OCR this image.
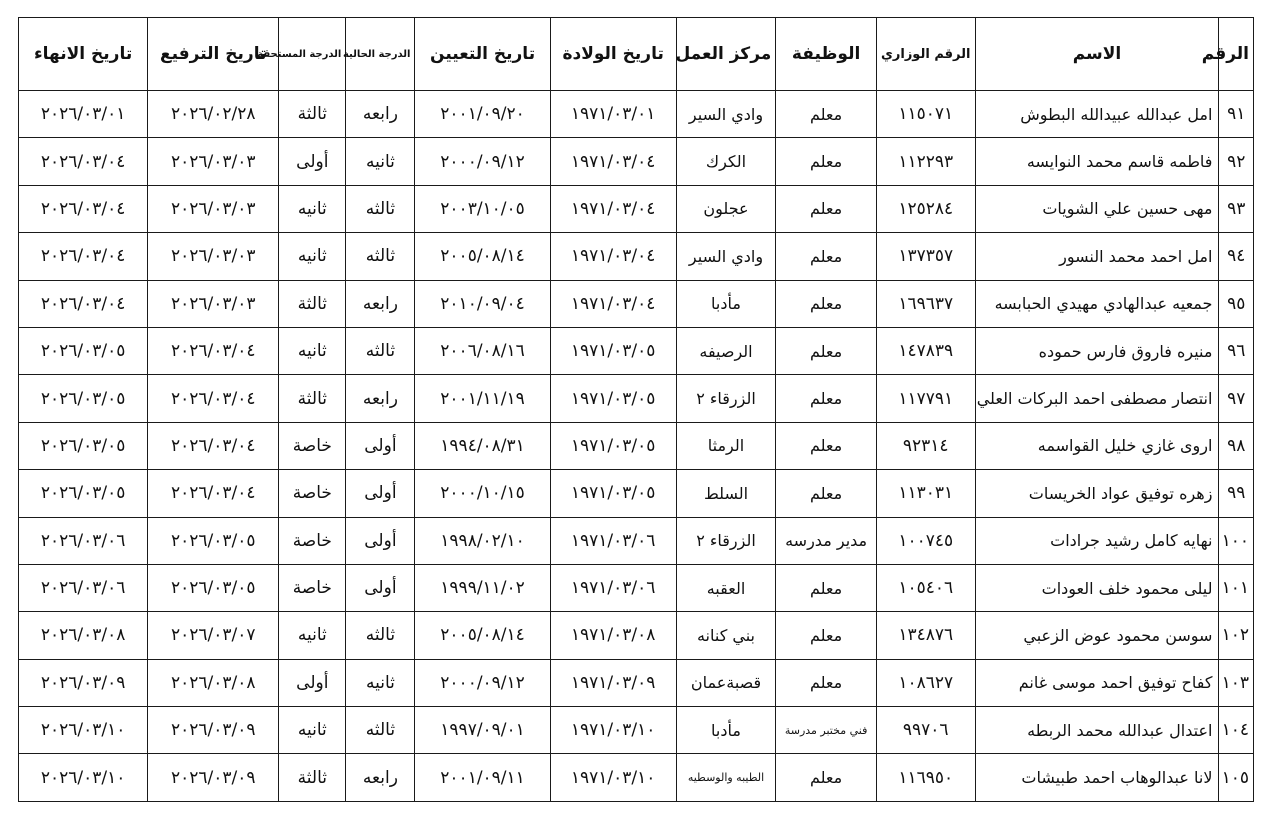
الرقم	الاسم	الرقم الوزاري	الوظيفة	مركز العمل	تاريخ الولادة	تاريخ التعيين	الدرجة الحالية	الدرجة المستحقة	تاريخ الترفيع	تاريخ الانهاء
٩١	امل عبدالله عبيدالله البطوش	١١٥٠٧١	معلم	وادي السير	١٩٧١/٠٣/٠١	٢٠٠١/٠٩/٢٠	رابعه	ثالثة	٢٠٢٦/٠٢/٢٨	٢٠٢٦/٠٣/٠١
٩٢	فاطمه قاسم محمد النوايسه	١١٢٢٩٣	معلم	الكرك	١٩٧١/٠٣/٠٤	٢٠٠٠/٠٩/١٢	ثانيه	أولى	٢٠٢٦/٠٣/٠٣	٢٠٢٦/٠٣/٠٤
٩٣	مهى حسين علي الشويات	١٢٥٢٨٤	معلم	عجلون	١٩٧١/٠٣/٠٤	٢٠٠٣/١٠/٠٥	ثالثه	ثانيه	٢٠٢٦/٠٣/٠٣	٢٠٢٦/٠٣/٠٤
٩٤	امل احمد محمد النسور	١٣٧٣٥٧	معلم	وادي السير	١٩٧١/٠٣/٠٤	٢٠٠٥/٠٨/١٤	ثالثه	ثانيه	٢٠٢٦/٠٣/٠٣	٢٠٢٦/٠٣/٠٤
٩٥	جمعيه عبدالهادي مهيدي الحبابسه	١٦٩٦٣٧	معلم	مأدبا	١٩٧١/٠٣/٠٤	٢٠١٠/٠٩/٠٤	رابعه	ثالثة	٢٠٢٦/٠٣/٠٣	٢٠٢٦/٠٣/٠٤
٩٦	منيره فاروق فارس حموده	١٤٧٨٣٩	معلم	الرصيفه	١٩٧١/٠٣/٠٥	٢٠٠٦/٠٨/١٦	ثالثه	ثانيه	٢٠٢٦/٠٣/٠٤	٢٠٢٦/٠٣/٠٥
٩٧	انتصار مصطفى احمد البركات العلي	١١٧٧٩١	معلم	الزرقاء ٢	١٩٧١/٠٣/٠٥	٢٠٠١/١١/١٩	رابعه	ثالثة	٢٠٢٦/٠٣/٠٤	٢٠٢٦/٠٣/٠٥
٩٨	اروى غازي خليل القواسمه	٩٢٣١٤	معلم	الرمثا	١٩٧١/٠٣/٠٥	١٩٩٤/٠٨/٣١	أولى	خاصة	٢٠٢٦/٠٣/٠٤	٢٠٢٦/٠٣/٠٥
٩٩	زهره توفيق عواد الخريسات	١١٣٠٣١	معلم	السلط	١٩٧١/٠٣/٠٥	٢٠٠٠/١٠/١٥	أولى	خاصة	٢٠٢٦/٠٣/٠٤	٢٠٢٦/٠٣/٠٥
١٠٠	نهايه كامل رشيد جرادات	١٠٠٧٤٥	مدير مدرسه	الزرقاء ٢	١٩٧١/٠٣/٠٦	١٩٩٨/٠٢/١٠	أولى	خاصة	٢٠٢٦/٠٣/٠٥	٢٠٢٦/٠٣/٠٦
١٠١	ليلى محمود خلف العودات	١٠٥٤٠٦	معلم	العقبه	١٩٧١/٠٣/٠٦	١٩٩٩/١١/٠٢	أولى	خاصة	٢٠٢٦/٠٣/٠٥	٢٠٢٦/٠٣/٠٦
١٠٢	سوسن محمود عوض الزعبي	١٣٤٨٧٦	معلم	بني كنانه	١٩٧١/٠٣/٠٨	٢٠٠٥/٠٨/١٤	ثالثه	ثانيه	٢٠٢٦/٠٣/٠٧	٢٠٢٦/٠٣/٠٨
١٠٣	كفاح توفيق احمد موسى غانم	١٠٨٦٢٧	معلم	قصبةعمان	١٩٧١/٠٣/٠٩	٢٠٠٠/٠٩/١٢	ثانيه	أولى	٢٠٢٦/٠٣/٠٨	٢٠٢٦/٠٣/٠٩
١٠٤	اعتدال عبدالله محمد الربطه	٩٩٧٠٦	فني مختبر مدرسة	مأدبا	١٩٧١/٠٣/١٠	١٩٩٧/٠٩/٠١	ثالثه	ثانيه	٢٠٢٦/٠٣/٠٩	٢٠٢٦/٠٣/١٠
١٠٥	لانا عبدالوهاب احمد طبيشات	١١٦٩٥٠	معلم	الطيبه والوسطيه	١٩٧١/٠٣/١٠	٢٠٠١/٠٩/١١	رابعه	ثالثة	٢٠٢٦/٠٣/٠٩	٢٠٢٦/٠٣/١٠
